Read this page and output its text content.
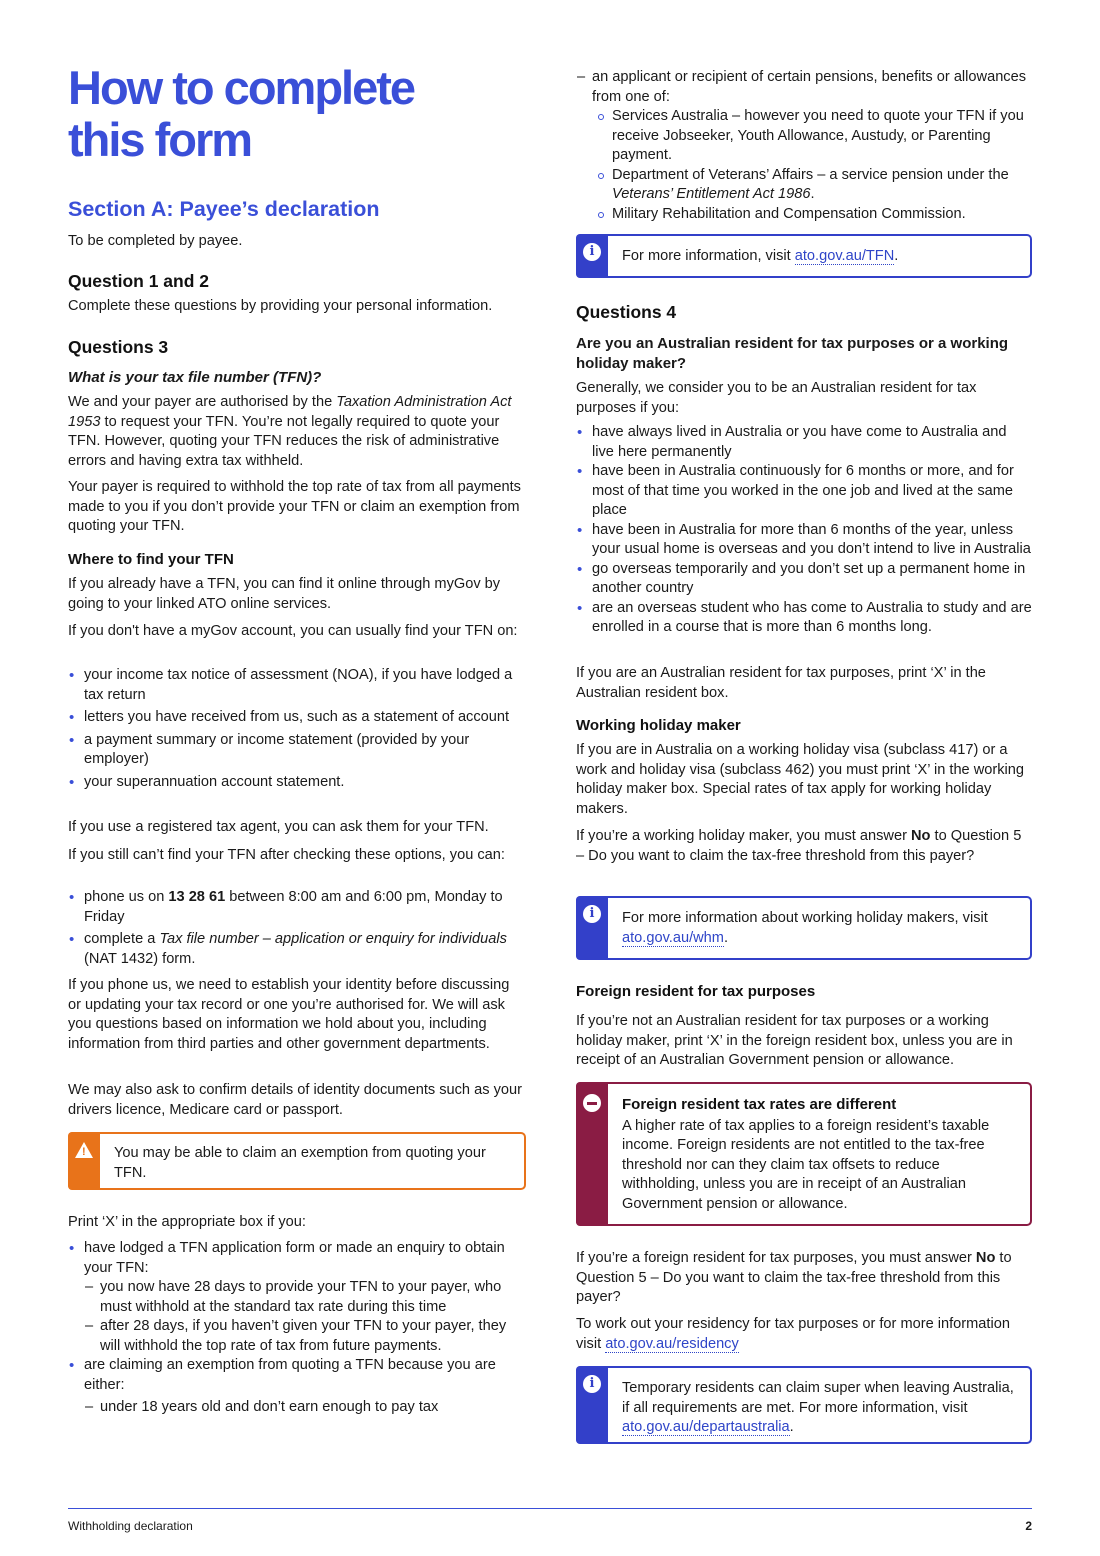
How to complete
this form
Section A: Payee’s declaration

To be completed by payee.

Question 1 and 2

Complete these questions by providing your personal information.

Questions 3

What is your tax file number (TFN)?

We and your payer are authorised by the Taxation Administration Act 1953 to request your TFN. You’re not legally required to quote your TFN. However, quoting your TFN reduces the risk of administrative errors and having extra tax withheld.

Your payer is required to withhold the top rate of tax from all payments made to you if you don’t provide your TFN or claim an exemption from quoting your TFN.

Where to find your TFN

If you already have a TFN, you can find it online through myGov by going to your linked ATO online services.

If you don't have a myGov account, you can usually find your TFN on:

• your income tax notice of assessment (NOA), if you have lodged a tax return
• letters you have received from us, such as a statement of account
• a payment summary or income statement (provided by your employer)
• your superannuation account statement.

If you use a registered tax agent, you can ask them for your TFN.

If you still can’t find your TFN after checking these options, you can:

• phone us on 13 28 61 between 8:00 am and 6:00 pm, Monday to Friday
• complete a Tax file number – application or enquiry for individuals (NAT 1432) form.

If you phone us, we need to establish your identity before discussing or updating your tax record or one you’re authorised for. We will ask you questions based on information we hold about you, including information from third parties and other government departments.

We may also ask to confirm details of identity documents such as your drivers licence, Medicare card or passport.

! You may be able to claim an exemption from quoting your TFN.

Print ‘X’ in the appropriate box if you:

• have lodged a TFN application form or made an enquiry to obtain your TFN:
– you now have 28 days to provide your TFN to your payer, who must withhold at the standard tax rate during this time
– after 28 days, if you haven’t given your TFN to your payer, they will withhold the top rate of tax from future payments.
• are claiming an exemption from quoting a TFN because you are either:
– under 18 years old and don’t earn enough to pay tax
– an applicant or recipient of certain pensions, benefits or allowances from one of:
Services Australia – however you need to quote your TFN if you receive Jobseeker, Youth Allowance, Austudy, or Parenting payment.
Department of Veterans’ Affairs – a service pension under the Veterans’ Entitlement Act 1986.
Military Rehabilitation and Compensation Commission.
i	For more information, visit ato.gov.au/TFN.

Questions 4

Are you an Australian resident for tax purposes or a working holiday maker?

Generally, we consider you to be an Australian resident for tax purposes if you:

• have always lived in Australia or you have come to Australia and live here permanently
• have been in Australia continuously for 6 months or more, and for most of that time you worked in the one job and lived at the same place
• have been in Australia for more than 6 months of the year, unless your usual home is overseas and you don’t intend to live in Australia
• go overseas temporarily and you don’t set up a permanent home in another country
• are an overseas student who has come to Australia to study and are enrolled in a course that is more than 6 months long.

If you are an Australian resident for tax purposes, print ‘X’ in the Australian resident box.

Working holiday maker

If you are in Australia on a working holiday visa (subclass 417) or a work and holiday visa (subclass 462) you must print ‘X’ in the working holiday maker box. Special rates of tax apply for working holiday makers.

If you’re a working holiday maker, you must answer No to Question 5 – Do you want to claim the tax-free threshold from this payer?

i	For more information about working holiday makers, visit ato.gov.au/whm.

Foreign resident for tax purposes

If you’re not an Australian resident for tax purposes or a working holiday maker, print ‘X’ in the foreign resident box, unless you are in receipt of an Australian Government pension or allowance.

Foreign resident tax rates are different

A higher rate of tax applies to a foreign resident’s taxable income. Foreign residents are not entitled to the tax-free threshold nor can they claim tax offsets to reduce withholding, unless you are in receipt of an Australian Government pension or allowance.

If you’re a foreign resident for tax purposes, you must answer No to Question 5 – Do you want to claim the tax-free threshold from this payer?

To work out your residency for tax purposes or for more information visit ato.gov.au/residency

i	Temporary residents can claim super when leaving Australia, if all requirements are met. For more information, visit ato.gov.au/departaustralia.

Withholding declaration	2
